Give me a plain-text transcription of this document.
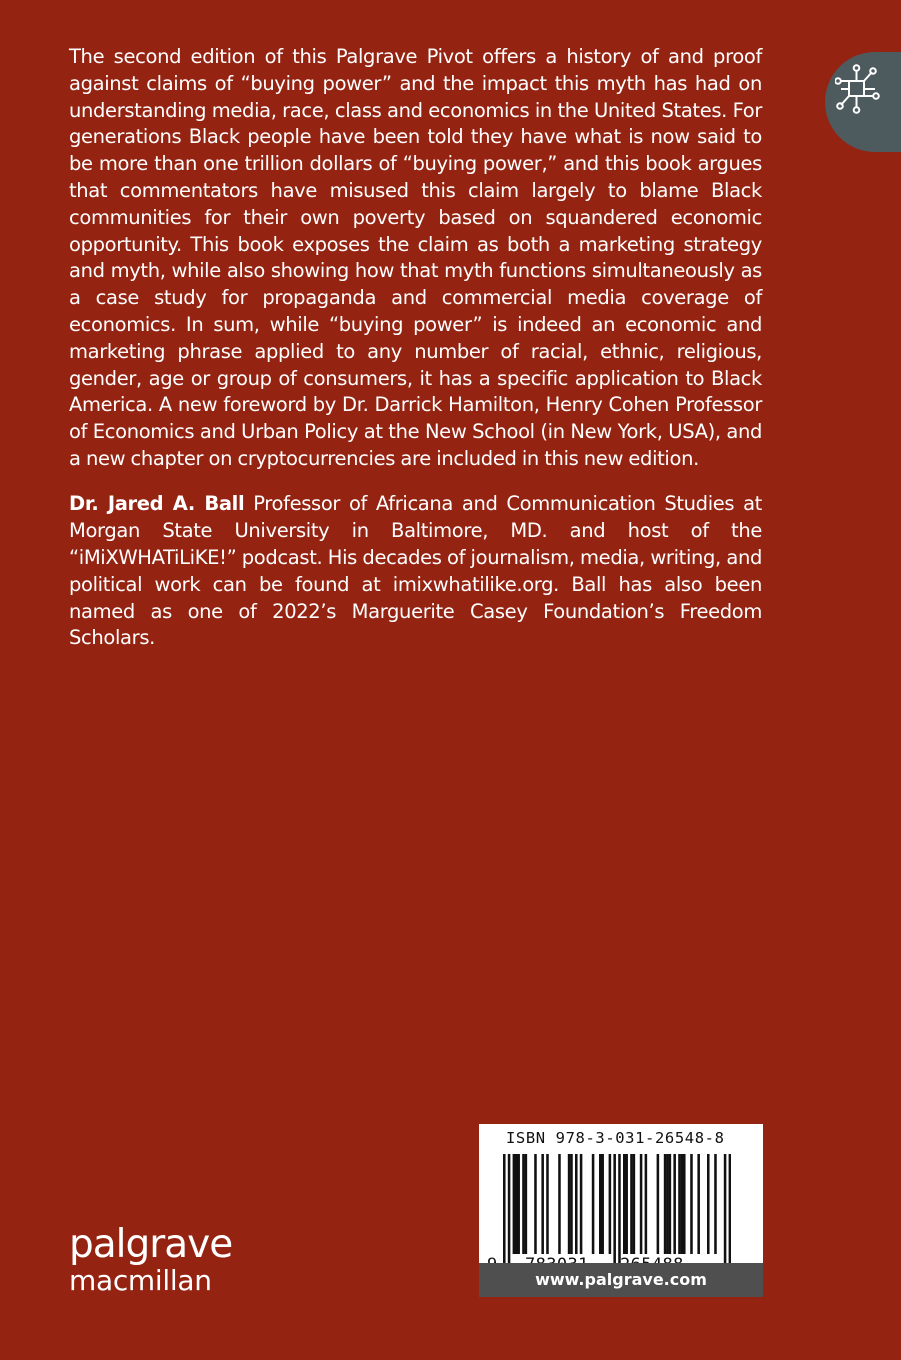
The second edition of this Palgrave Pivot offers a history of and proof against claims of “buying power” and the impact this myth has had on understanding media, race, class and economics in the United States. For generations Black people have been told they have what is now said to be more than one trillion dollars of “buying power,” and this book argues that commentators have misused this claim largely to blame Black communities for their own poverty based on squandered economic opportunity. This book exposes the claim as both a marketing strategy and myth, while also showing how that myth functions simultaneously as a case study for propaganda and commercial media coverage of economics. In sum, while “buying power” is indeed an economic and marketing phrase applied to any number of racial, ethnic, religious, gender, age or group of consumers, it has a specific application to Black America. A new foreword by Dr. Darrick Hamilton, Henry Cohen Professor of Economics and Urban Policy at the New School (in New York, USA), and a new chapter on cryptocurrencies are included in this new edition.

Dr. Jared A. Ball Professor of Africana and Communication Studies at Morgan State University in Baltimore, MD. and host of the “iMiXWHATiLiKE!” podcast. His decades of journalism, media, writing, and political work can be found at imixwhatilike.org. Ball has also been named as one of 2022’s Marguerite Casey Foundation’s Freedom Scholars.

ISBN 978-3-031-26548-8
www.palgrave.com
palgrave
macmillan
